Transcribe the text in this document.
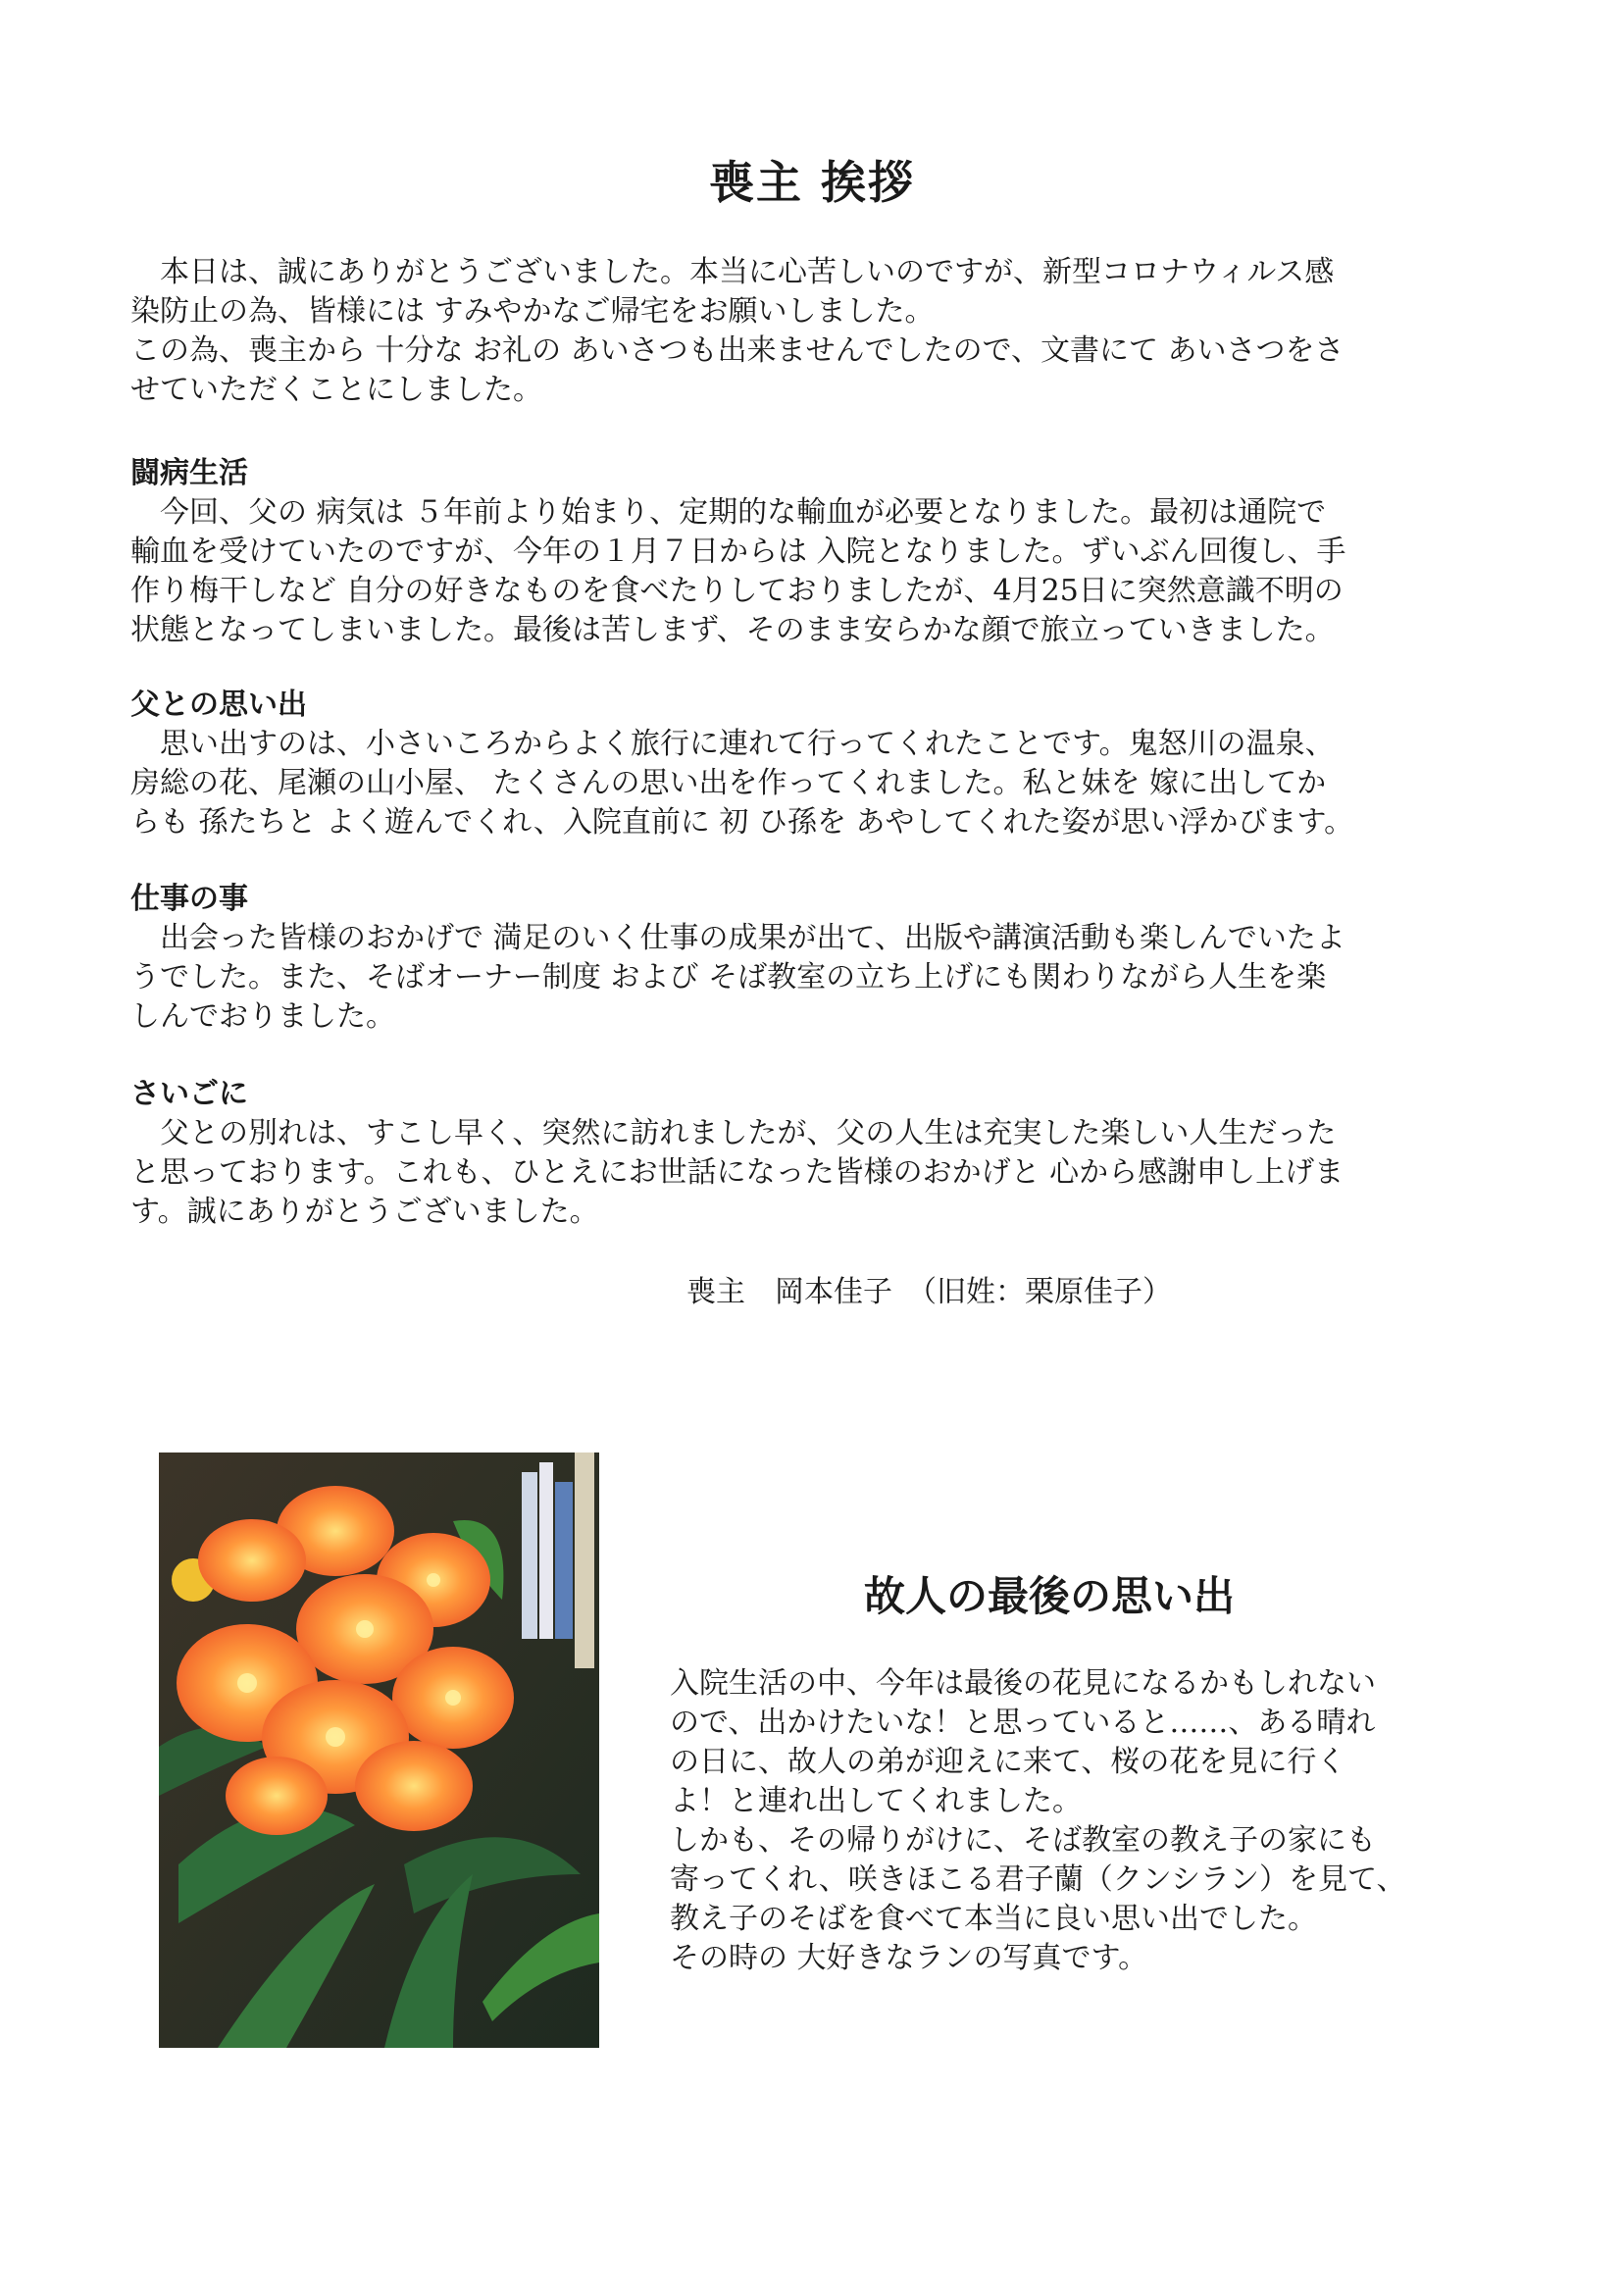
喪主 挨拶
　本日は、誠にありがとうございました。本当に心苦しいのですが、新型コロナウィルス感
染防止の為、皆様には すみやかなご帰宅をお願いしました。
この為、喪主から 十分な お礼の あいさつも出来ませんでしたので、文書にて あいさつをさ
せていただくことにしました。
闘病生活
　今回、父の 病気は ５年前より始まり、定期的な輸血が必要となりました。最初は通院で
輸血を受けていたのですが、今年の１月７日からは 入院となりました。ずいぶん回復し、手
作り梅干しなど 自分の好きなものを食べたりしておりましたが、4月25日に突然意識不明の
状態となってしまいました。最後は苦しまず、そのまま安らかな顔で旅立っていきました。
父との思い出
　思い出すのは、小さいころからよく旅行に連れて行ってくれたことです。鬼怒川の温泉、
房総の花、尾瀬の山小屋、 たくさんの思い出を作ってくれました。私と妹を 嫁に出してか
らも 孫たちと よく遊んでくれ、入院直前に 初 ひ孫を あやしてくれた姿が思い浮かびます。
仕事の事
　出会った皆様のおかげで 満足のいく仕事の成果が出て、出版や講演活動も楽しんでいたよ
うでした。また、そばオーナー制度 および そば教室の立ち上げにも関わりながら人生を楽
しんでおりました。
さいごに
　父との別れは、すこし早く、突然に訪れましたが、父の人生は充実した楽しい人生だった
と思っております。これも、ひとえにお世話になった皆様のおかげと 心から感謝申し上げま
す。誠にありがとうございました。
喪主　岡本佳子　（旧姓：栗原佳子）
故人の最後の思い出
入院生活の中、今年は最後の花見になるかもしれない
ので、出かけたいな！と思っていると……、ある晴れ
の日に、故人の弟が迎えに来て、桜の花を見に行く
よ！と連れ出してくれました。
しかも、その帰りがけに、そば教室の教え子の家にも
寄ってくれ、咲きほこる君子蘭（クンシラン）を見て、
教え子のそばを食べて本当に良い思い出でした。
その時の 大好きなランの写真です。
